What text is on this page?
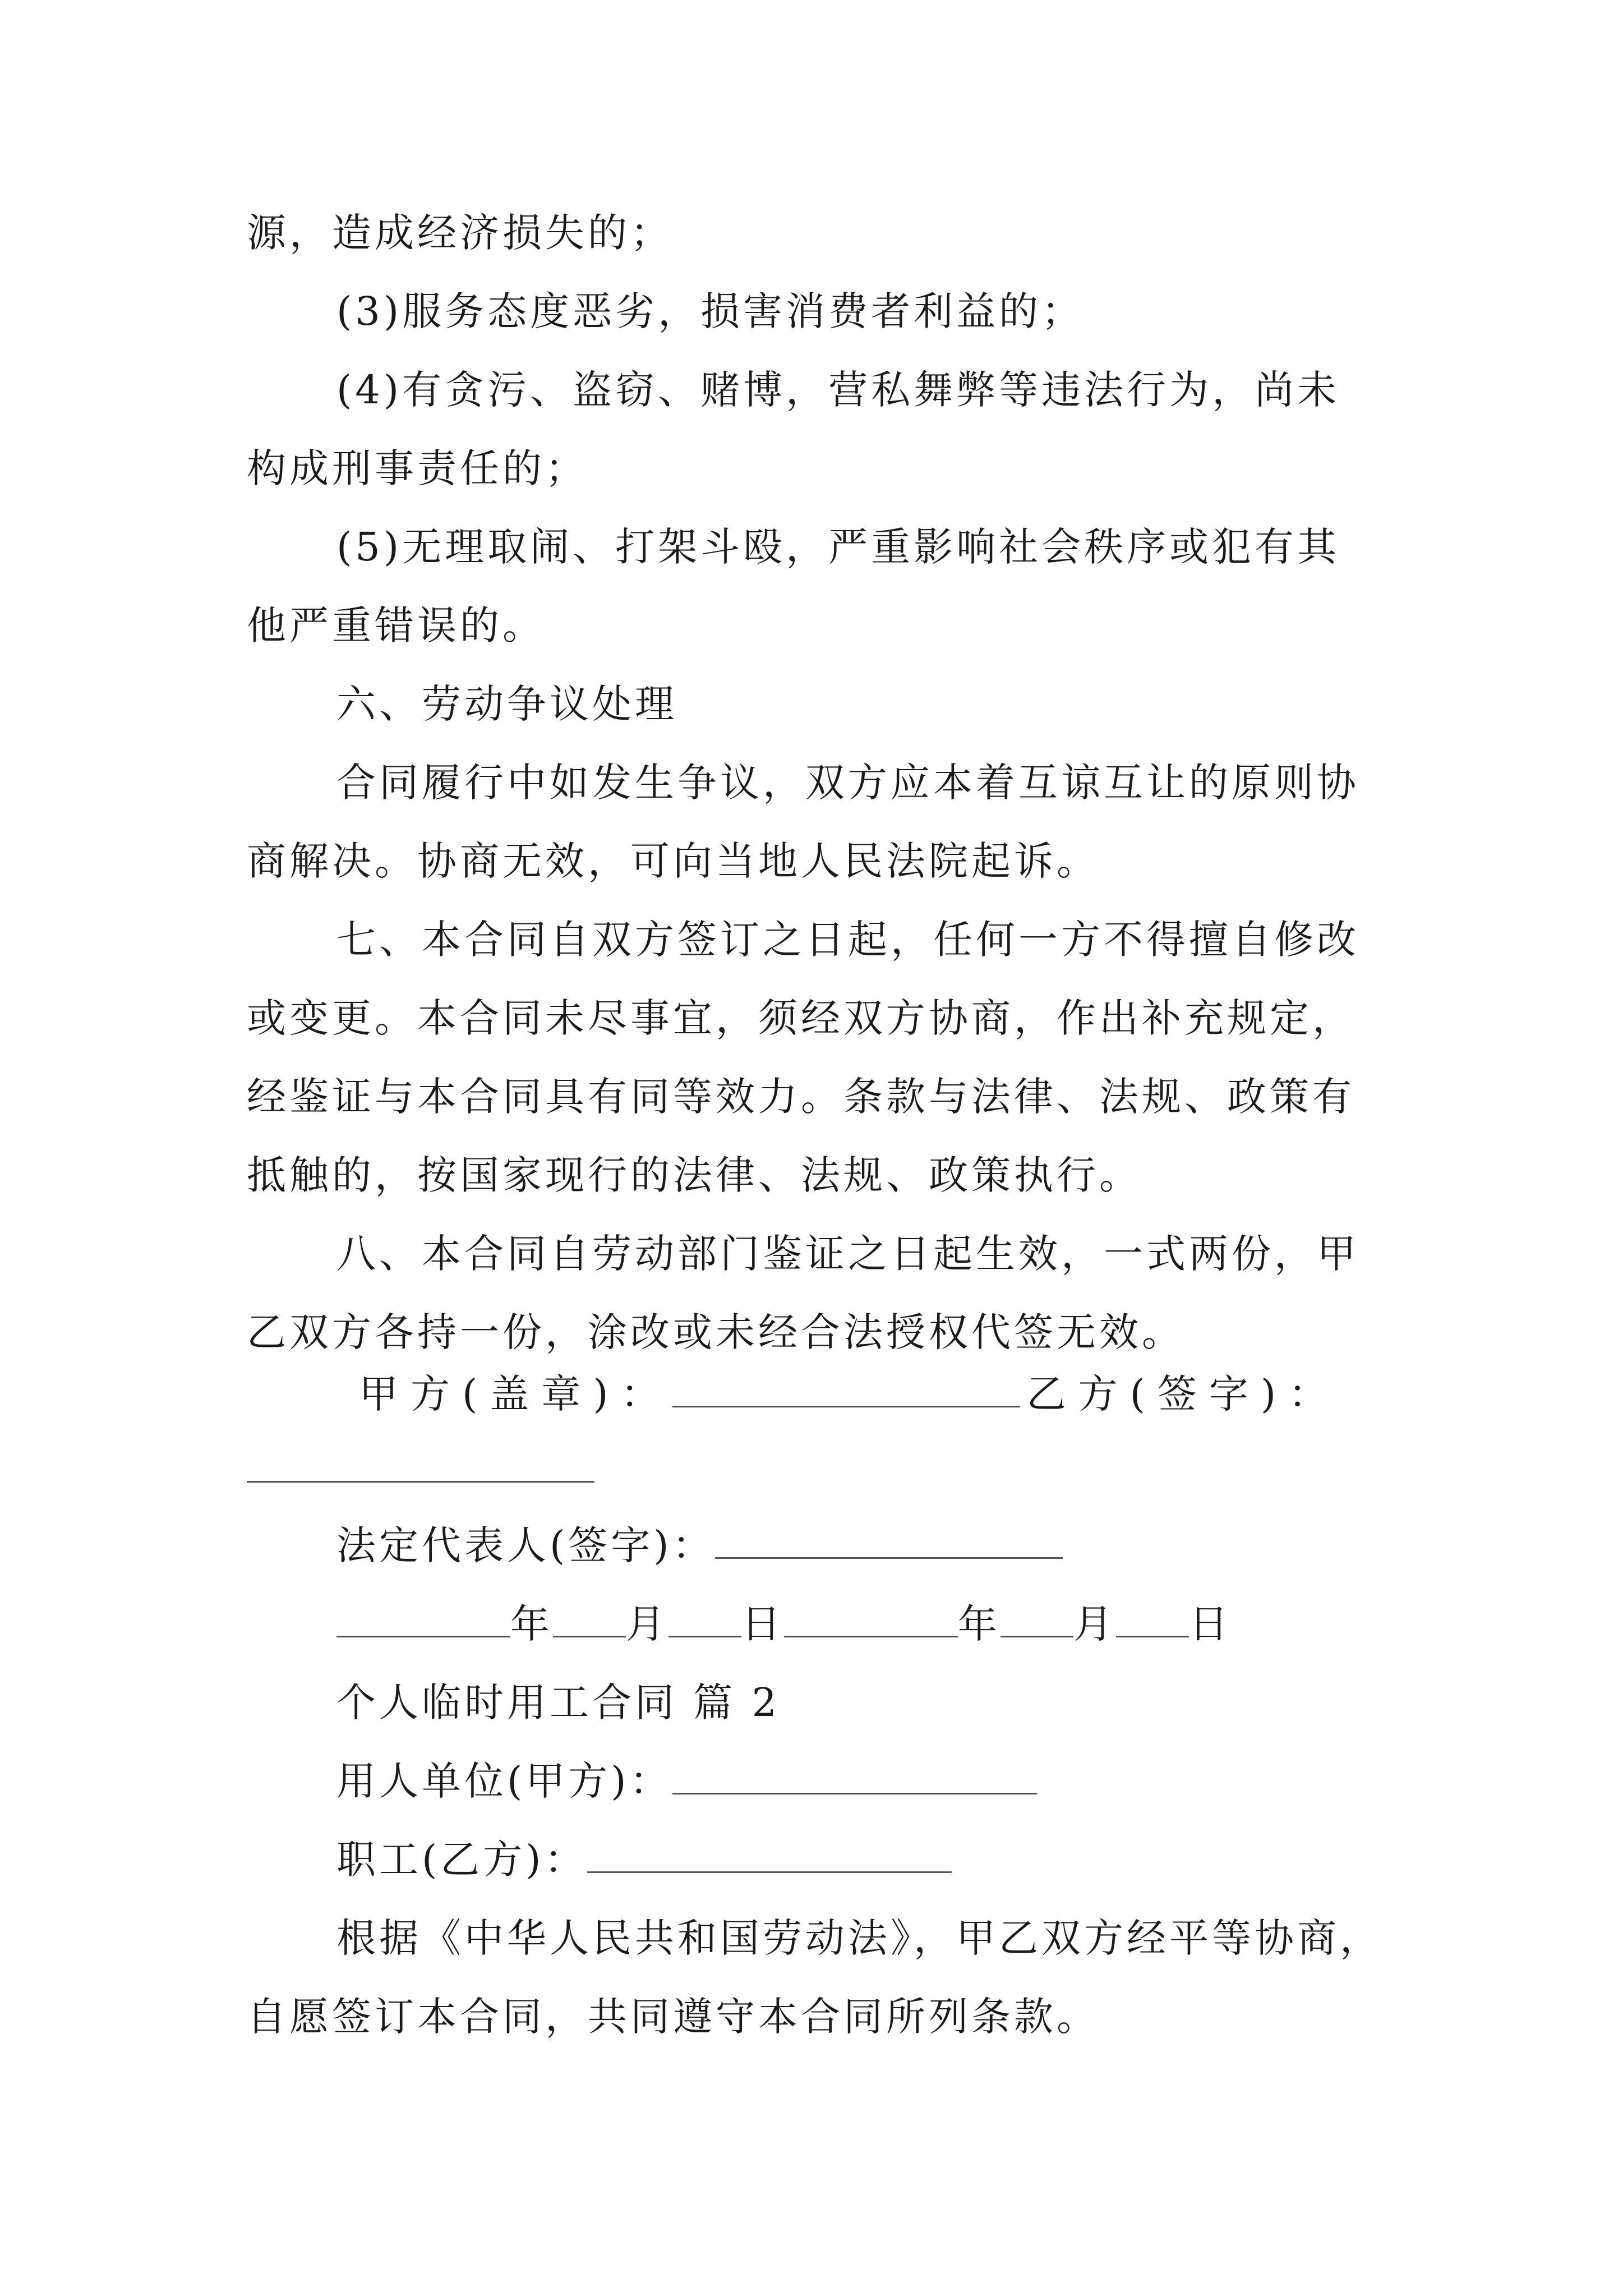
源，造成经济损失的；
(3)服务态度恶劣，损害消费者利益的；
(4)有贪污、盗窃、赌博，营私舞弊等违法行为，尚未
构成刑事责任的；
(5)无理取闹、打架斗殴，严重影响社会秩序或犯有其
他严重错误的。
六、劳动争议处理
合同履行中如发生争议，双方应本着互谅互让的原则协
商解决。协商无效，可向当地人民法院起诉。
七、本合同自双方签订之日起，任何一方不得擅自修改
或变更。本合同未尽事宜，须经双方协商，作出补充规定，
经鉴证与本合同具有同等效力。条款与法律、法规、政策有
抵触的，按国家现行的法律、法规、政策执行。
八、本合同自劳动部门鉴证之日起生效，一式两份，甲
乙双方各持一份，涂改或未经合法授权代签无效。
甲方(盖章)：	乙方(签字)：
法定代表人(签字)：
年 月 日	年 月 日
个人临时用工合同 篇 2
用人单位(甲方)：
职工(乙方)：
根据《中华人民共和国劳动法》，甲乙双方经平等协商，
自愿签订本合同，共同遵守本合同所列条款。
